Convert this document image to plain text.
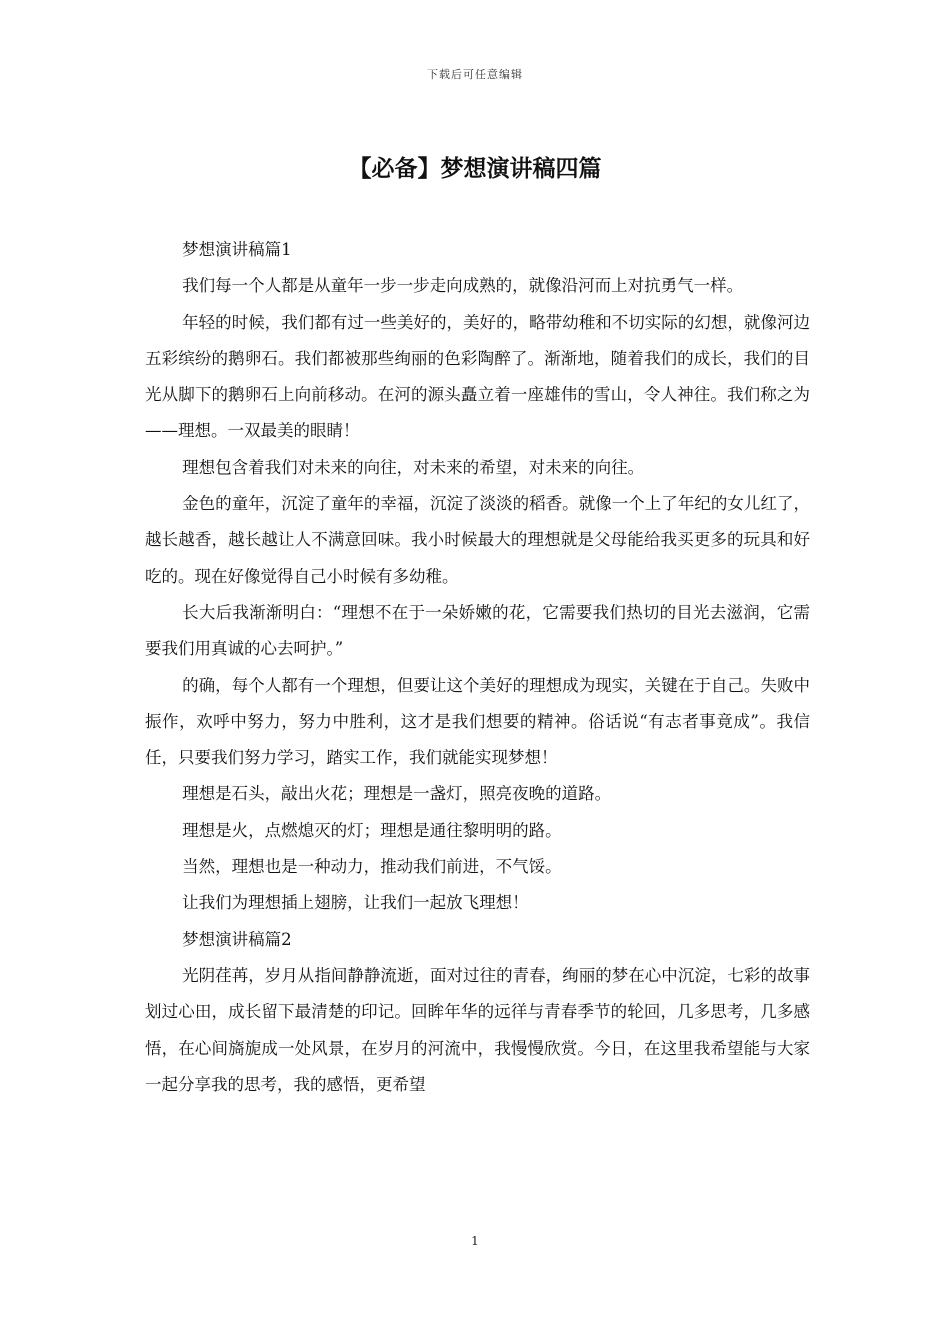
下载后可任意编辑
【必备】梦想演讲稿四篇

梦想演讲稿篇1

我们每一个人都是从童年一步一步走向成熟的，就像沿河而上对抗勇气一样。

年轻的时候，我们都有过一些美好的，美好的，略带幼稚和不切实际的幻想，就像河边五彩缤纷的鹅卵石。我们都被那些绚丽的色彩陶醉了。渐渐地，随着我们的成长，我们的目光从脚下的鹅卵石上向前移动。在河的源头矗立着一座雄伟的雪山，令人神往。我们称之为——理想。一双最美的眼睛！

理想包含着我们对未来的向往，对未来的希望，对未来的向往。

金色的童年，沉淀了童年的幸福，沉淀了淡淡的稻香。就像一个上了年纪的女儿红了，越长越香，越长越让人不满意回味。我小时候最大的理想就是父母能给我买更多的玩具和好吃的。现在好像觉得自己小时候有多幼稚。

长大后我渐渐明白：“理想不在于一朵娇嫩的花，它需要我们热切的目光去滋润，它需要我们用真诚的心去呵护。”

的确，每个人都有一个理想，但要让这个美好的理想成为现实，关键在于自己。失败中振作，欢呼中努力，努力中胜利，这才是我们想要的精神。俗话说“有志者事竟成”。我信任，只要我们努力学习，踏实工作，我们就能实现梦想！

理想是石头，敲出火花；理想是一盏灯，照亮夜晚的道路。

理想是火，点燃熄灭的灯；理想是通往黎明明的路。

当然，理想也是一种动力，推动我们前进，不气馁。

让我们为理想插上翅膀，让我们一起放飞理想！

梦想演讲稿篇2

光阴荏苒，岁月从指间静静流逝，面对过往的青春，绚丽的梦在心中沉淀，七彩的故事划过心田，成长留下最清楚的印记。回眸年华的远徉与青春季节的轮回，几多思考，几多感悟，在心间旖旎成一处风景，在岁月的河流中，我慢慢欣赏。今日，在这里我希望能与大家一起分享我的思考，我的感悟，更希望

1
